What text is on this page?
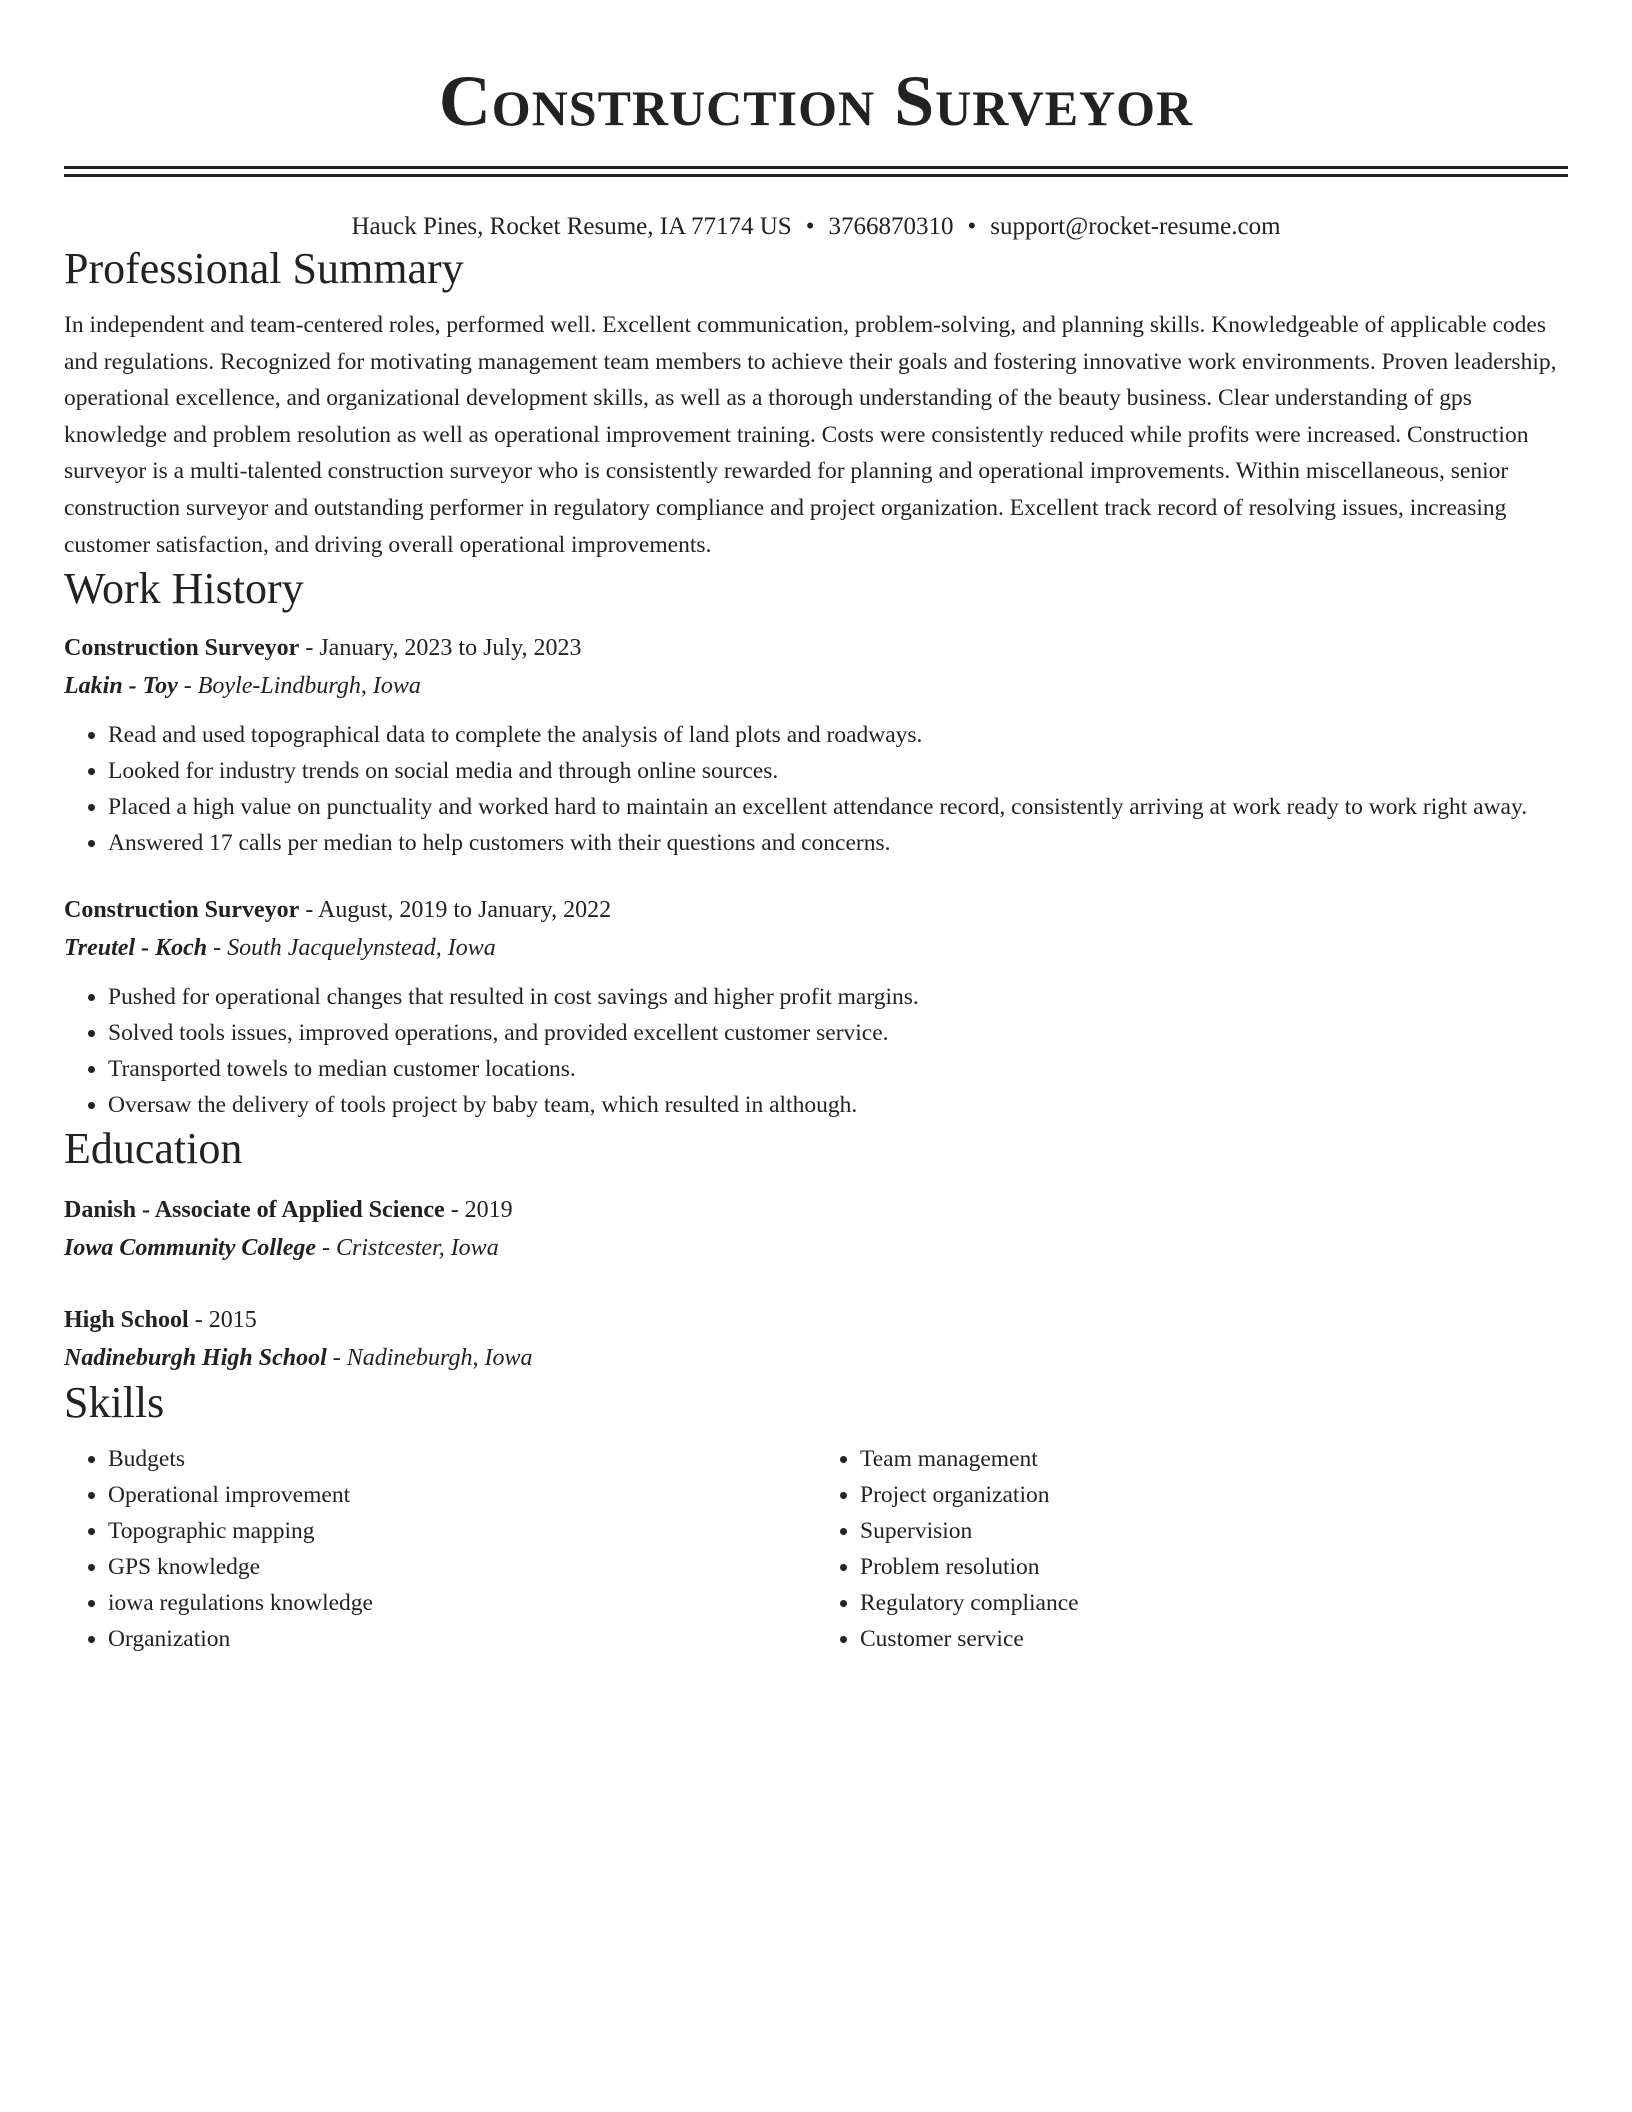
Construction Surveyor
Hauck Pines, Rocket Resume, IA 77174 US • 3766870310 • support@rocket-resume.com
Professional Summary

In independent and team-centered roles, performed well. Excellent communication, problem-solving, and planning skills. Knowledgeable of applicable codes and regulations. Recognized for motivating management team members to achieve their goals and fostering innovative work environments. Proven leadership, operational excellence, and organizational development skills, as well as a thorough understanding of the beauty business. Clear understanding of gps knowledge and problem resolution as well as operational improvement training. Costs were consistently reduced while profits were increased. Construction surveyor is a multi-talented construction surveyor who is consistently rewarded for planning and operational improvements. Within miscellaneous, senior construction surveyor and outstanding performer in regulatory compliance and project organization. Excellent track record of resolving issues, increasing customer satisfaction, and driving overall operational improvements.

Work History
Construction Surveyor - January, 2023 to July, 2023
Lakin - Toy - Boyle-Lindburgh, Iowa
• Read and used topographical data to complete the analysis of land plots and roadways.
• Looked for industry trends on social media and through online sources.
• Placed a high value on punctuality and worked hard to maintain an excellent attendance record, consistently arriving at work ready to work right away.
• Answered 17 calls per median to help customers with their questions and concerns.
Construction Surveyor - August, 2019 to January, 2022
Treutel - Koch - South Jacquelynstead, Iowa
• Pushed for operational changes that resulted in cost savings and higher profit margins.
• Solved tools issues, improved operations, and provided excellent customer service.
• Transported towels to median customer locations.
• Oversaw the delivery of tools project by baby team, which resulted in although.
Education
Danish - Associate of Applied Science - 2019
Iowa Community College - Cristcester, Iowa
High School - 2015
Nadineburgh High School - Nadineburgh, Iowa
Skills
• Budgets
• Operational improvement
• Topographic mapping
• GPS knowledge
• iowa regulations knowledge
• Organization
• Team management
• Project organization
• Supervision
• Problem resolution
• Regulatory compliance
• Customer service
